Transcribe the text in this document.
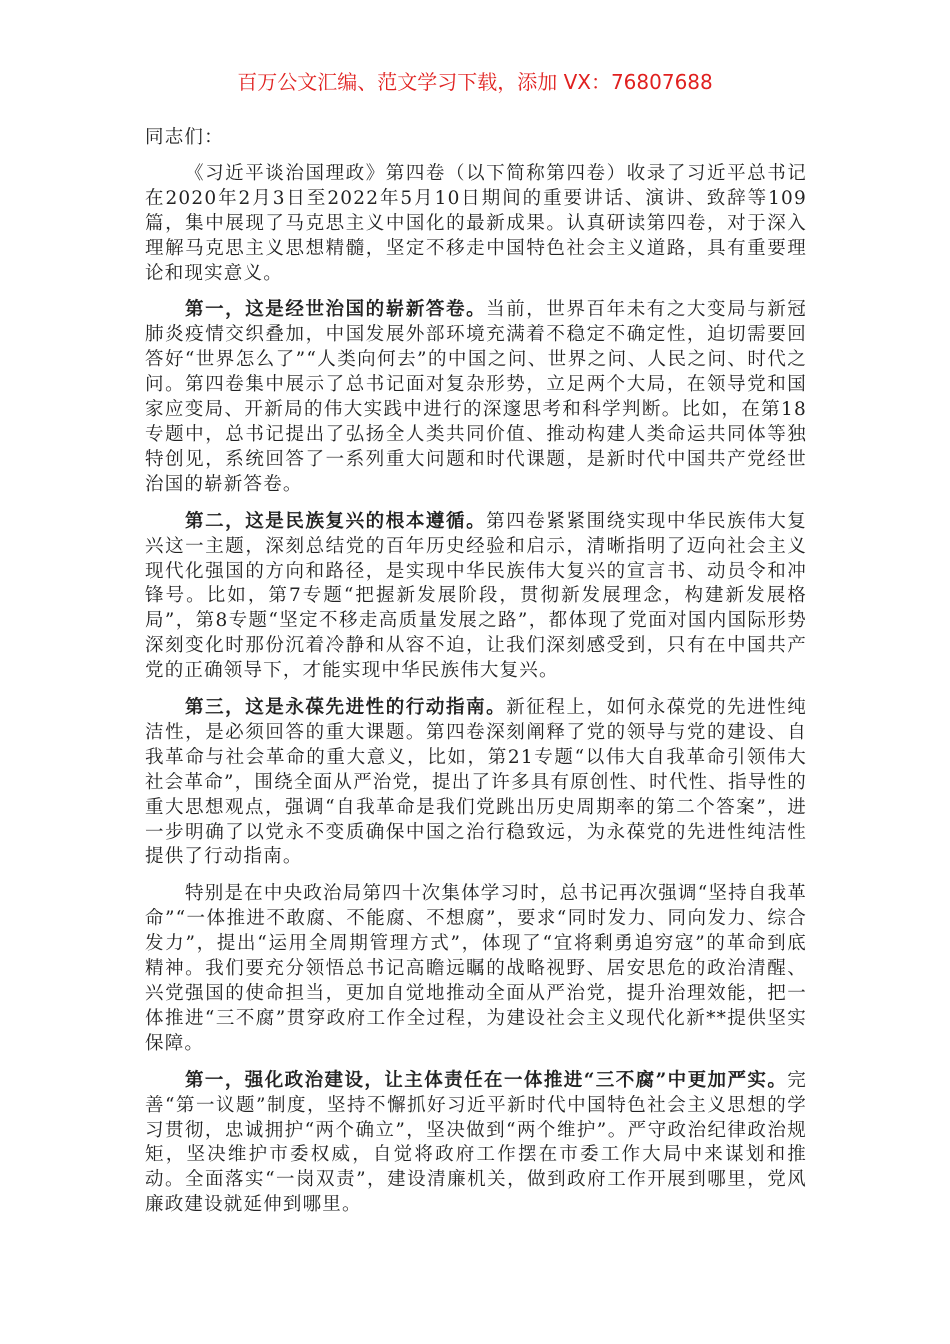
百万公文汇编、范文学习下载，添加 VX：76807688

同志们：

《习近平谈治国理政》第四卷（以下简称第四卷）收录了习近平总书记在2020年2月3日至2022年5月10日期间的重要讲话、演讲、致辞等109篇，集中展现了马克思主义中国化的最新成果。认真研读第四卷，对于深入理解马克思主义思想精髓，坚定不移走中国特色社会主义道路，具有重要理论和现实意义。

第一，这是经世治国的崭新答卷。当前，世界百年未有之大变局与新冠肺炎疫情交织叠加，中国发展外部环境充满着不稳定不确定性，迫切需要回答好“世界怎么了”“人类向何去”的中国之问、世界之问、人民之问、时代之问。第四卷集中展示了总书记面对复杂形势，立足两个大局，在领导党和国家应变局、开新局的伟大实践中进行的深邃思考和科学判断。比如，在第18专题中，总书记提出了弘扬全人类共同价值、推动构建人类命运共同体等独特创见，系统回答了一系列重大问题和时代课题，是新时代中国共产党经世治国的崭新答卷。

第二，这是民族复兴的根本遵循。第四卷紧紧围绕实现中华民族伟大复兴这一主题，深刻总结党的百年历史经验和启示，清晰指明了迈向社会主义现代化强国的方向和路径，是实现中华民族伟大复兴的宣言书、动员令和冲锋号。比如，第7专题“把握新发展阶段，贯彻新发展理念，构建新发展格局”，第8专题“坚定不移走高质量发展之路”，都体现了党面对国内国际形势深刻变化时那份沉着冷静和从容不迫，让我们深刻感受到，只有在中国共产党的正确领导下，才能实现中华民族伟大复兴。

第三，这是永葆先进性的行动指南。新征程上，如何永葆党的先进性纯洁性，是必须回答的重大课题。第四卷深刻阐释了党的领导与党的建设、自我革命与社会革命的重大意义，比如，第21专题“以伟大自我革命引领伟大社会革命”，围绕全面从严治党，提出了许多具有原创性、时代性、指导性的重大思想观点，强调“自我革命是我们党跳出历史周期率的第二个答案”，进一步明确了以党永不变质确保中国之治行稳致远，为永葆党的先进性纯洁性提供了行动指南。

特别是在中央政治局第四十次集体学习时，总书记再次强调“坚持自我革命”“一体推进不敢腐、不能腐、不想腐”，要求“同时发力、同向发力、综合发力”，提出“运用全周期管理方式”，体现了“宜将剩勇追穷寇”的革命到底精神。我们要充分领悟总书记高瞻远瞩的战略视野、居安思危的政治清醒、兴党强国的使命担当，更加自觉地推动全面从严治党，提升治理效能，把一体推进“三不腐”贯穿政府工作全过程，为建设社会主义现代化新**提供坚实保障。

第一，强化政治建设，让主体责任在一体推进“三不腐”中更加严实。完善“第一议题”制度，坚持不懈抓好习近平新时代中国特色社会主义思想的学习贯彻，忠诚拥护“两个确立”，坚决做到“两个维护”。严守政治纪律政治规矩，坚决维护市委权威，自觉将政府工作摆在市委工作大局中来谋划和推动。全面落实“一岗双责”，建设清廉机关，做到政府工作开展到哪里，党风廉政建设就延伸到哪里。
